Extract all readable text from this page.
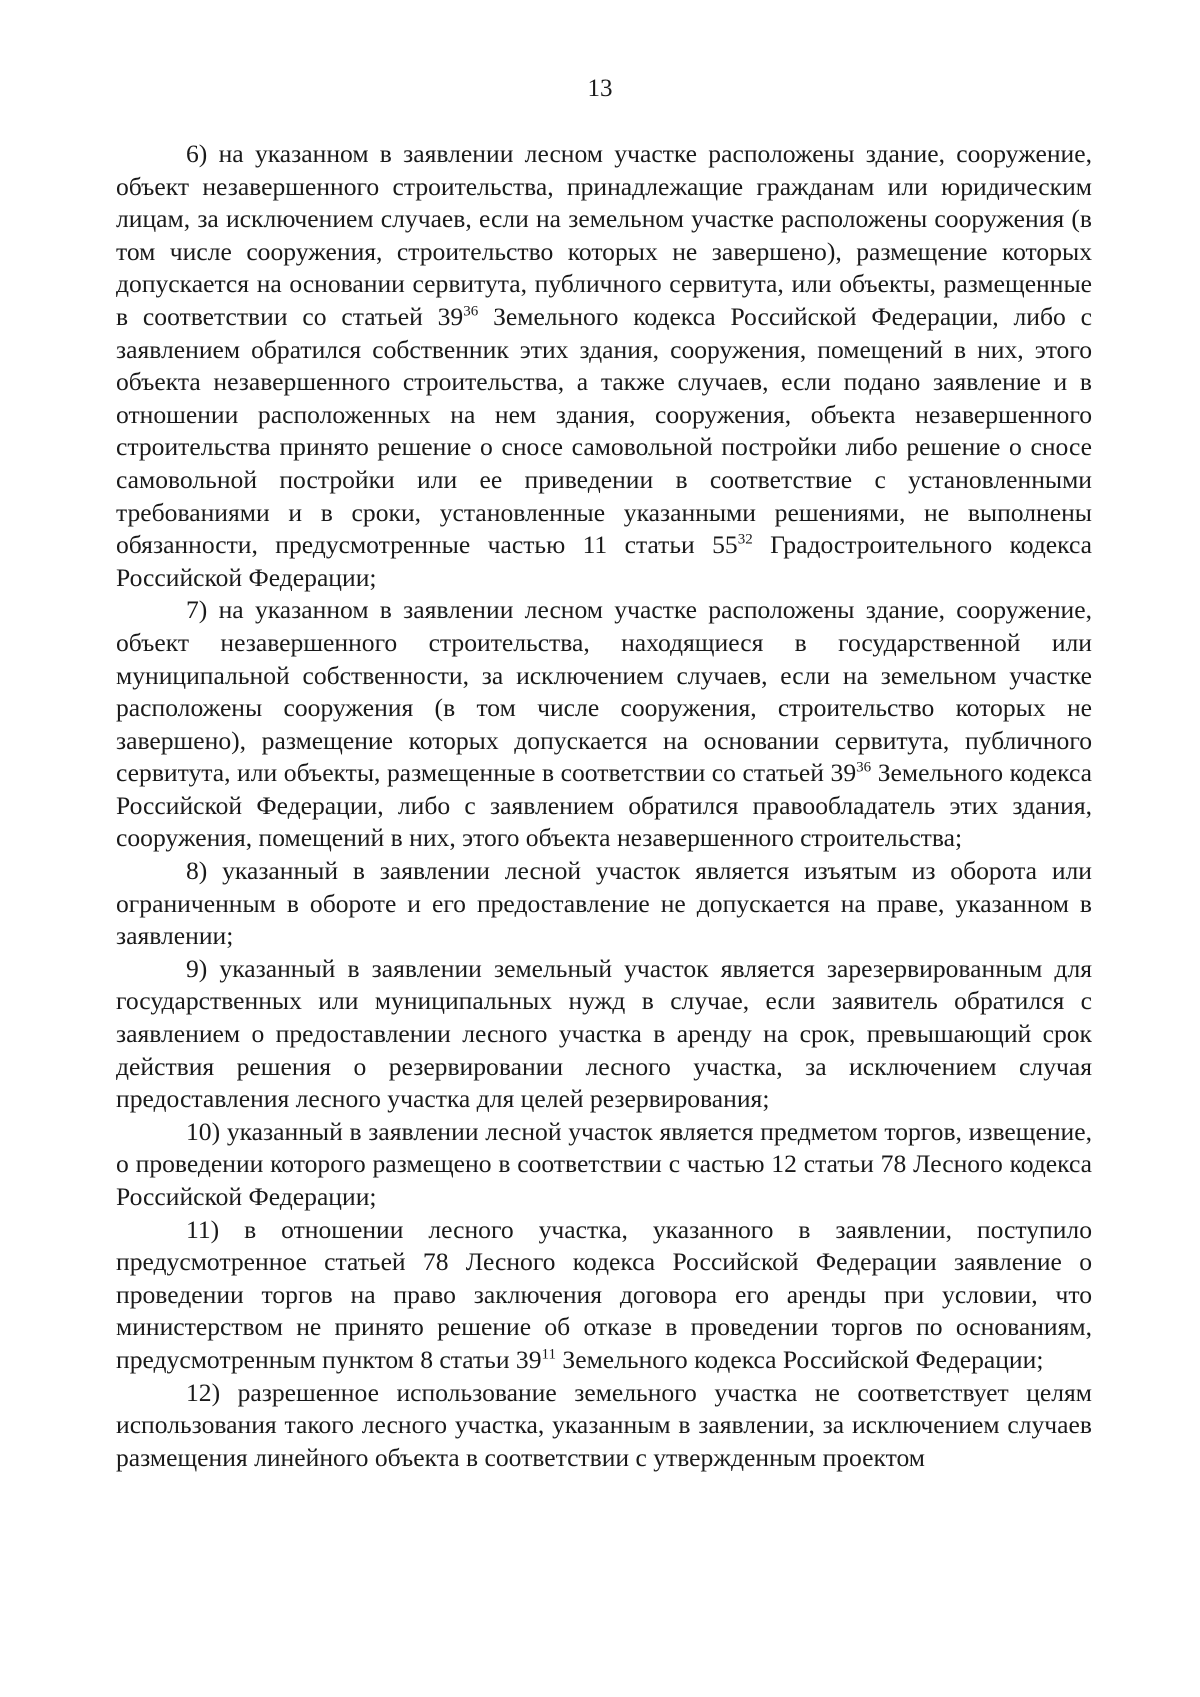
13

6) на указанном в заявлении лесном участке расположены здание, сооружение, объект незавершенного строительства, принадлежащие гражданам или юридическим лицам, за исключением случаев, если на земельном участке расположены сооружения (в том числе сооружения, строительство которых не завершено), размещение которых допускается на основании сервитута, публичного сервитута, или объекты, размещенные в соответствии со статьей $39^{36}$ Земельного кодекса Российской Федерации, либо с заявлением обратился собственник этих здания, сооружения, помещений в них, этого объекта незавершенного строительства, а также случаев, если подано заявление и в отношении расположенных на нем здания, сооружения, объекта незавершенного строительства принято решение о сносе самовольной постройки либо решение о сносе самовольной постройки или ее приведении в соответствие с установленными требованиями и в сроки, установленные указанными решениями, не выполнены обязанности, предусмотренные частью 11 статьи $55^{32}$ Градостроительного кодекса Российской Федерации;

7) на указанном в заявлении лесном участке расположены здание, сооружение, объект незавершенного строительства, находящиеся в государственной или муниципальной собственности, за исключением случаев, если на земельном участке расположены сооружения (в том числе сооружения, строительство которых не завершено), размещение которых допускается на основании сервитута, публичного сервитута, или объекты, размещенные в соответствии со статьей $39^{36}$ Земельного кодекса Российской Федерации, либо с заявлением обратился правообладатель этих здания, сооружения, помещений в них, этого объекта незавершенного строительства;

8) указанный в заявлении лесной участок является изъятым из оборота или ограниченным в обороте и его предоставление не допускается на праве, указанном в заявлении;

9) указанный в заявлении земельный участок является зарезервированным для государственных или муниципальных нужд в случае, если заявитель обратился с заявлением о предоставлении лесного участка в аренду на срок, превышающий срок действия решения о резервировании лесного участка, за исключением случая предоставления лесного участка для целей резервирования;

10) указанный в заявлении лесной участок является предметом торгов, извещение, о проведении которого размещено в соответствии с частью 12 статьи 78 Лесного кодекса Российской Федерации;

11) в отношении лесного участка, указанного в заявлении, поступило предусмотренное статьей 78 Лесного кодекса Российской Федерации заявление о проведении торгов на право заключения договора его аренды при условии, что министерством не принято решение об отказе в проведении торгов по основаниям, предусмотренным пунктом 8 статьи $39^{11}$ Земельного кодекса Российской Федерации;

12) разрешенное использование земельного участка не соответствует целям использования такого лесного участка, указанным в заявлении, за исключением случаев размещения линейного объекта в соответствии с утвержденным проектом
